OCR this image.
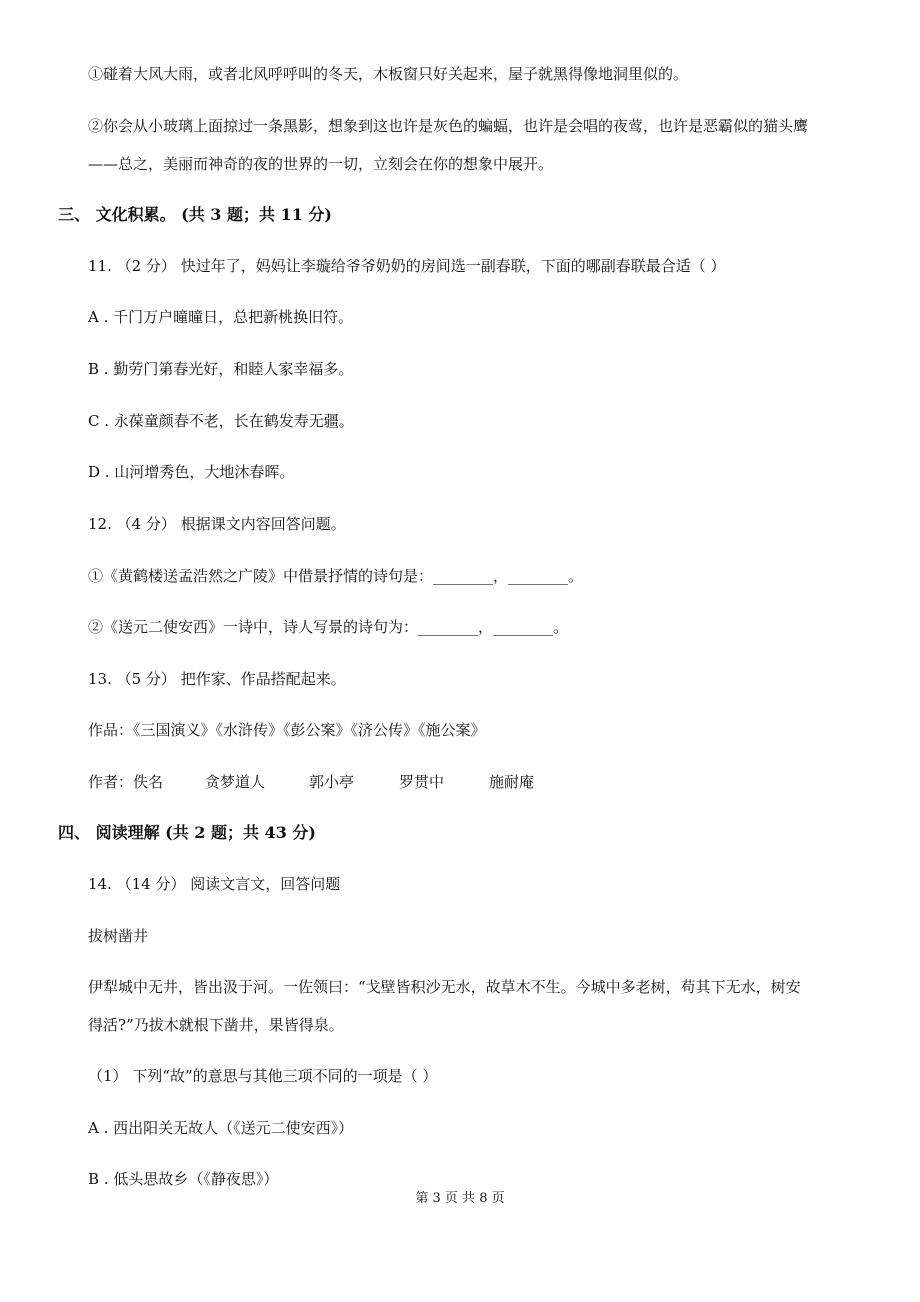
①碰着大风大雨，或者北风呼呼叫的冬天，木板窗只好关起来，屋子就黑得像地洞里似的。
②你会从小玻璃上面掠过一条黑影，想象到这也许是灰色的蝙蝠，也许是会唱的夜莺，也许是恶霸似的猫头鹰
——总之，美丽而神奇的夜的世界的一切，立刻会在你的想象中展开。
三、 文化积累。 (共 3 题；共 11 分)
11. （2 分） 快过年了，妈妈让李璇给爷爷奶奶的房间选一副春联，下面的哪副春联最合适（ ）
A . 千门万户曈曈日，总把新桃换旧符。
B . 勤劳门第春光好，和睦人家幸福多。
C . 永葆童颜春不老，长在鹤发寿无疆。
D . 山河增秀色，大地沐春晖。
12. （4 分） 根据课文内容回答问题。
①《黄鹤楼送孟浩然之广陵》中借景抒情的诗句是：________，________。
②《送元二使安西》一诗中，诗人写景的诗句为：________，________。
13. （5 分） 把作家、作品搭配起来。
作品：《三国演义》《水浒传》《彭公案》《济公传》《施公案》
作者：佚名	贪梦道人	郭小亭	罗贯中	施耐庵
四、 阅读理解 (共 2 题；共 43 分)
14. （14 分） 阅读文言文，回答问题
拔树凿井
伊犁城中无井，皆出汲于河。一佐领曰：“戈壁皆积沙无水，故草木不生。今城中多老树，苟其下无水，树安
得活?”乃拔木就根下凿井，果皆得泉。
（1） 下列“故”的意思与其他三项不同的一项是（ ）
A . 西出阳关无故人（《送元二使安西》）
B . 低头思故乡（《静夜思》）
第 3 页 共 8 页
